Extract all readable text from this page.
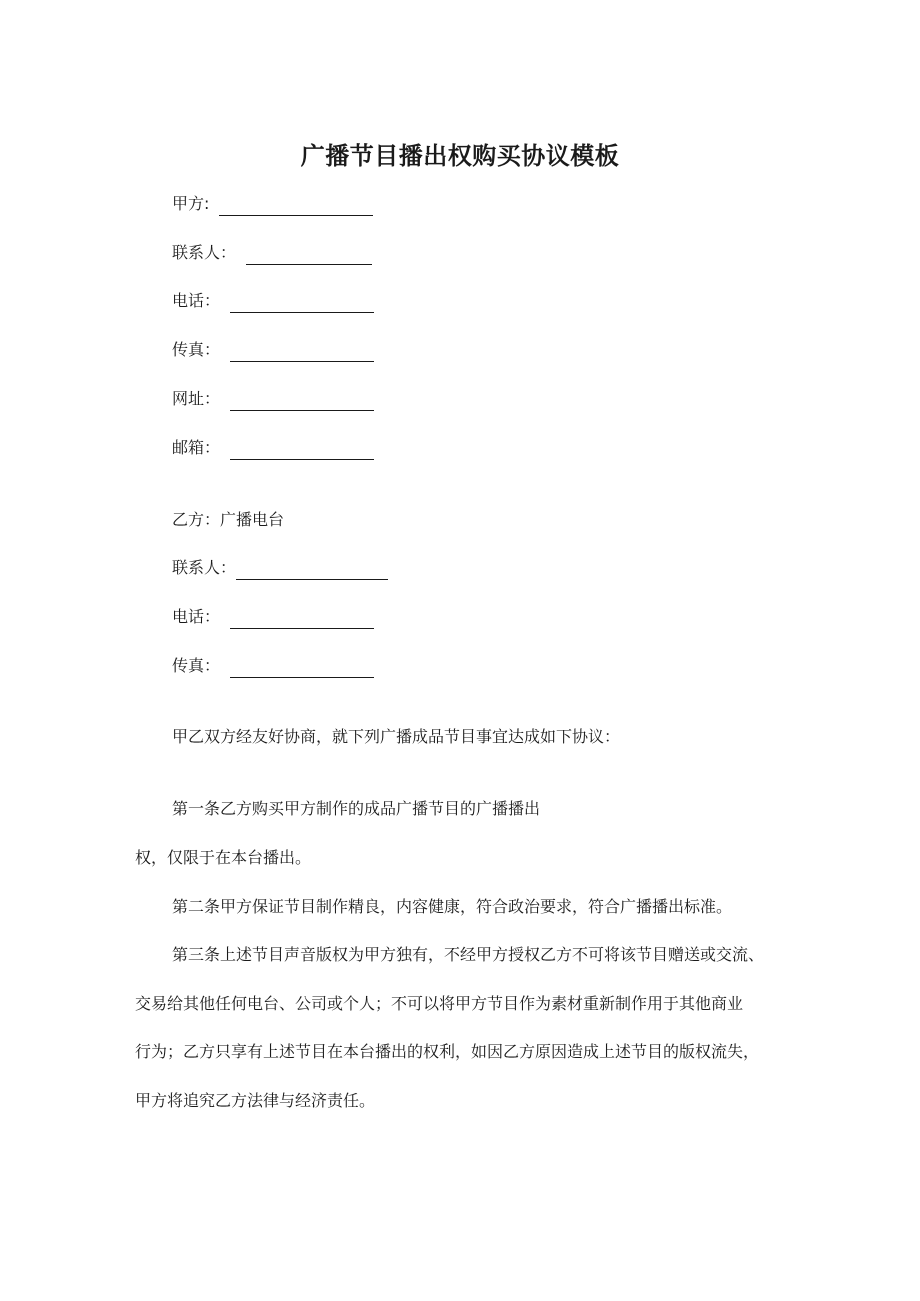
广播节目播出权购买协议模板
甲方:
联系人：
电话：
传真：
网址：
邮箱：
乙方：广播电台
联系人：
电话：
传真：
甲乙双方经友好协商，就下列广播成品节目事宜达成如下协议：
第一条乙方购买甲方制作的成品广播节目的广播播出
权，仅限于在本台播出。
第二条甲方保证节目制作精良，内容健康，符合政治要求，符合广播播出标准。
第三条上述节目声音版权为甲方独有，不经甲方授权乙方不可将该节目赠送或交流、
交易给其他任何电台、公司或个人；不可以将甲方节目作为素材重新制作用于其他商业
行为；乙方只享有上述节目在本台播出的权利，如因乙方原因造成上述节目的版权流失，
甲方将追究乙方法律与经济责任。
